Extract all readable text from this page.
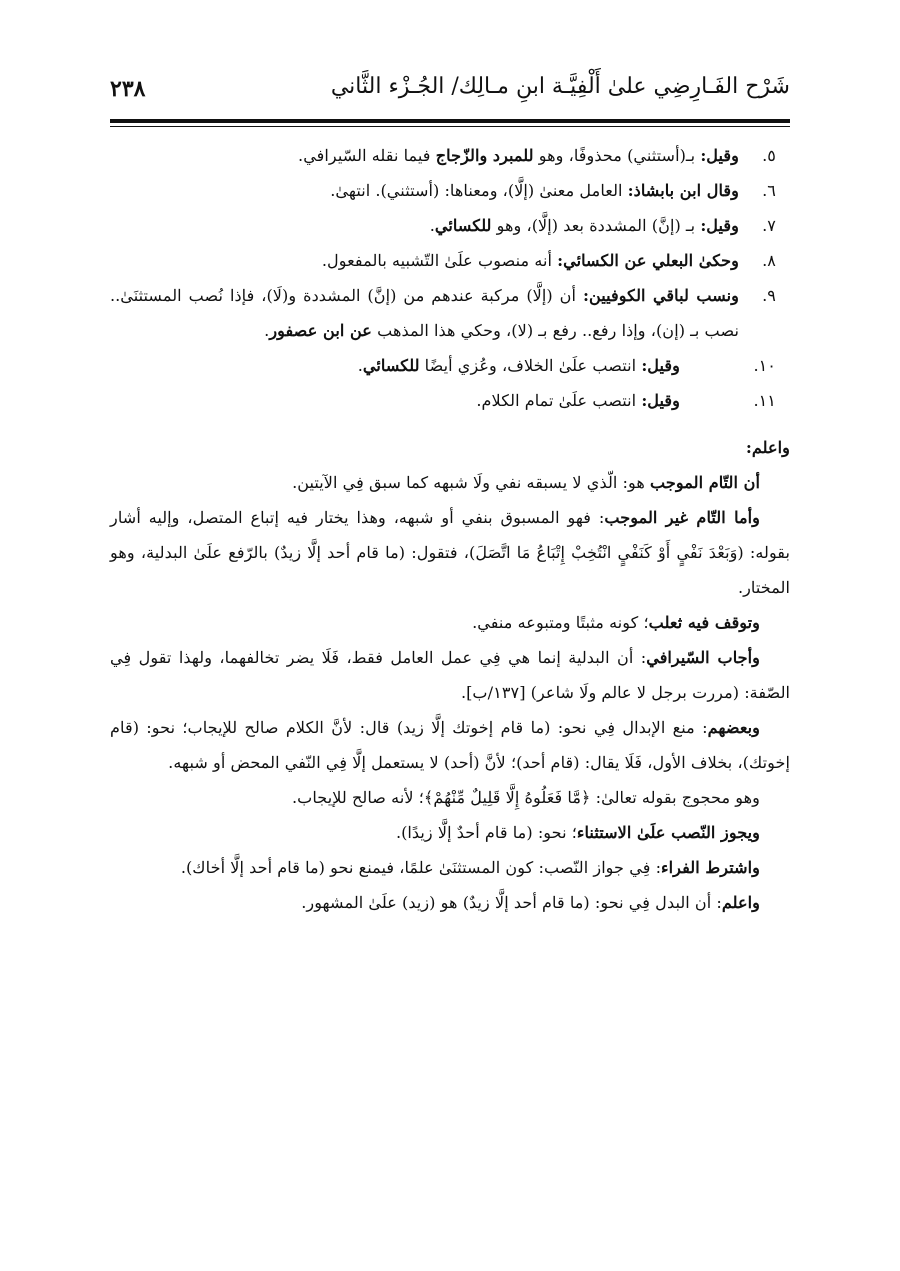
شَرْح الفَـارِضِي علىٰ أَلْفِيَّـة ابنِ مـالِك/ الجُـزْء الثَّاني
٢٣٨
٥.
وقيل: بـ(أستثني) محذوفًا، وهو للمبرد والزّجاج فيما نقله السّيرافي.
٦.
وقال ابن بابشاذ: العامل معنىٰ (إلَّا)، ومعناها: (أستثني). انتهىٰ.
٧.
وقيل: بـ (إنَّ) المشددة بعد (إلَّا)، وهو للكسائي.
٨.
وحكىٰ البعلي عن الكسائي: أنه منصوب علَىٰ التّشبيه بالمفعول.
٩.
ونسب لباقي الكوفيين: أن (إلَّا) مركبة عندهم من (إنَّ) المشددة و(لَا)، فإذا نُصب المستثنَىٰ.. نصب بـ (إن)، وإذا رفع.. رفع بـ (لا)، وحكي هذا المذهب عن ابن عصفور.
١٠.
وقيل: انتصب علَىٰ الخلاف، وعُزي أيضًا للكسائي.
١١.
وقيل: انتصب علَىٰ تمام الكلام.

واعلم:

أن التّام الموجب هو: الّذي لا يسبقه نفي ولَا شبهه كما سبق فِي الآيتين.

وأما التّام غير الموجب: فهو المسبوق بنفي أو شبهه، وهذا يختار فيه إتباع المتصل، وإليه أشار بقوله: (وَبَعْدَ نَفْيٍ أَوْ كَنَفْيٍ انْتُخِبْ إِتْبَاعُ مَا اتَّصَلَ)، فتقول: (ما قام أحد إلَّا زيدٌ) بالرّفع علَىٰ البدلية، وهو المختار.

وتوقف فيه ثعلب؛ كونه مثبتًا ومتبوعه منفي.

وأجاب السّيرافي: أن البدلية إنما هي فِي عمل العامل فقط، فَلَا يضر تخالفهما، ولهذا تقول فِي الصّفة: (مررت برجل لا عالم ولَا شاعر) [١٣٧/ب].

وبعضهم: منع الإبدال فِي نحو: (ما قام إخوتك إلَّا زيد) قال: لأنَّ الكلام صالح للإيجاب؛ نحو: (قام إخوتك)، بخلاف الأول، فَلَا يقال: (قام أحد)؛ لأنَّ (أحد) لا يستعمل إلَّا فِي النّفي المحض أو شبهه.

وهو محجوج بقوله تعالىٰ: ﴿مَّا فَعَلُوهُ إِلَّا قَلِيلٌ مِّنْهُمْ﴾؛ لأنه صالح للإيجاب.

ويجوز النّصب علَىٰ الاستثناء؛ نحو: (ما قام أحدٌ إلَّا زيدًا).

واشترط الفراء: فِي جواز النّصب: كون المستثنَىٰ علمًا، فيمنع نحو (ما قام أحد إلَّا أخاك).

واعلم: أن البدل فِي نحو: (ما قام أحد إلَّا زيدٌ) هو (زيد) علَىٰ المشهور.
